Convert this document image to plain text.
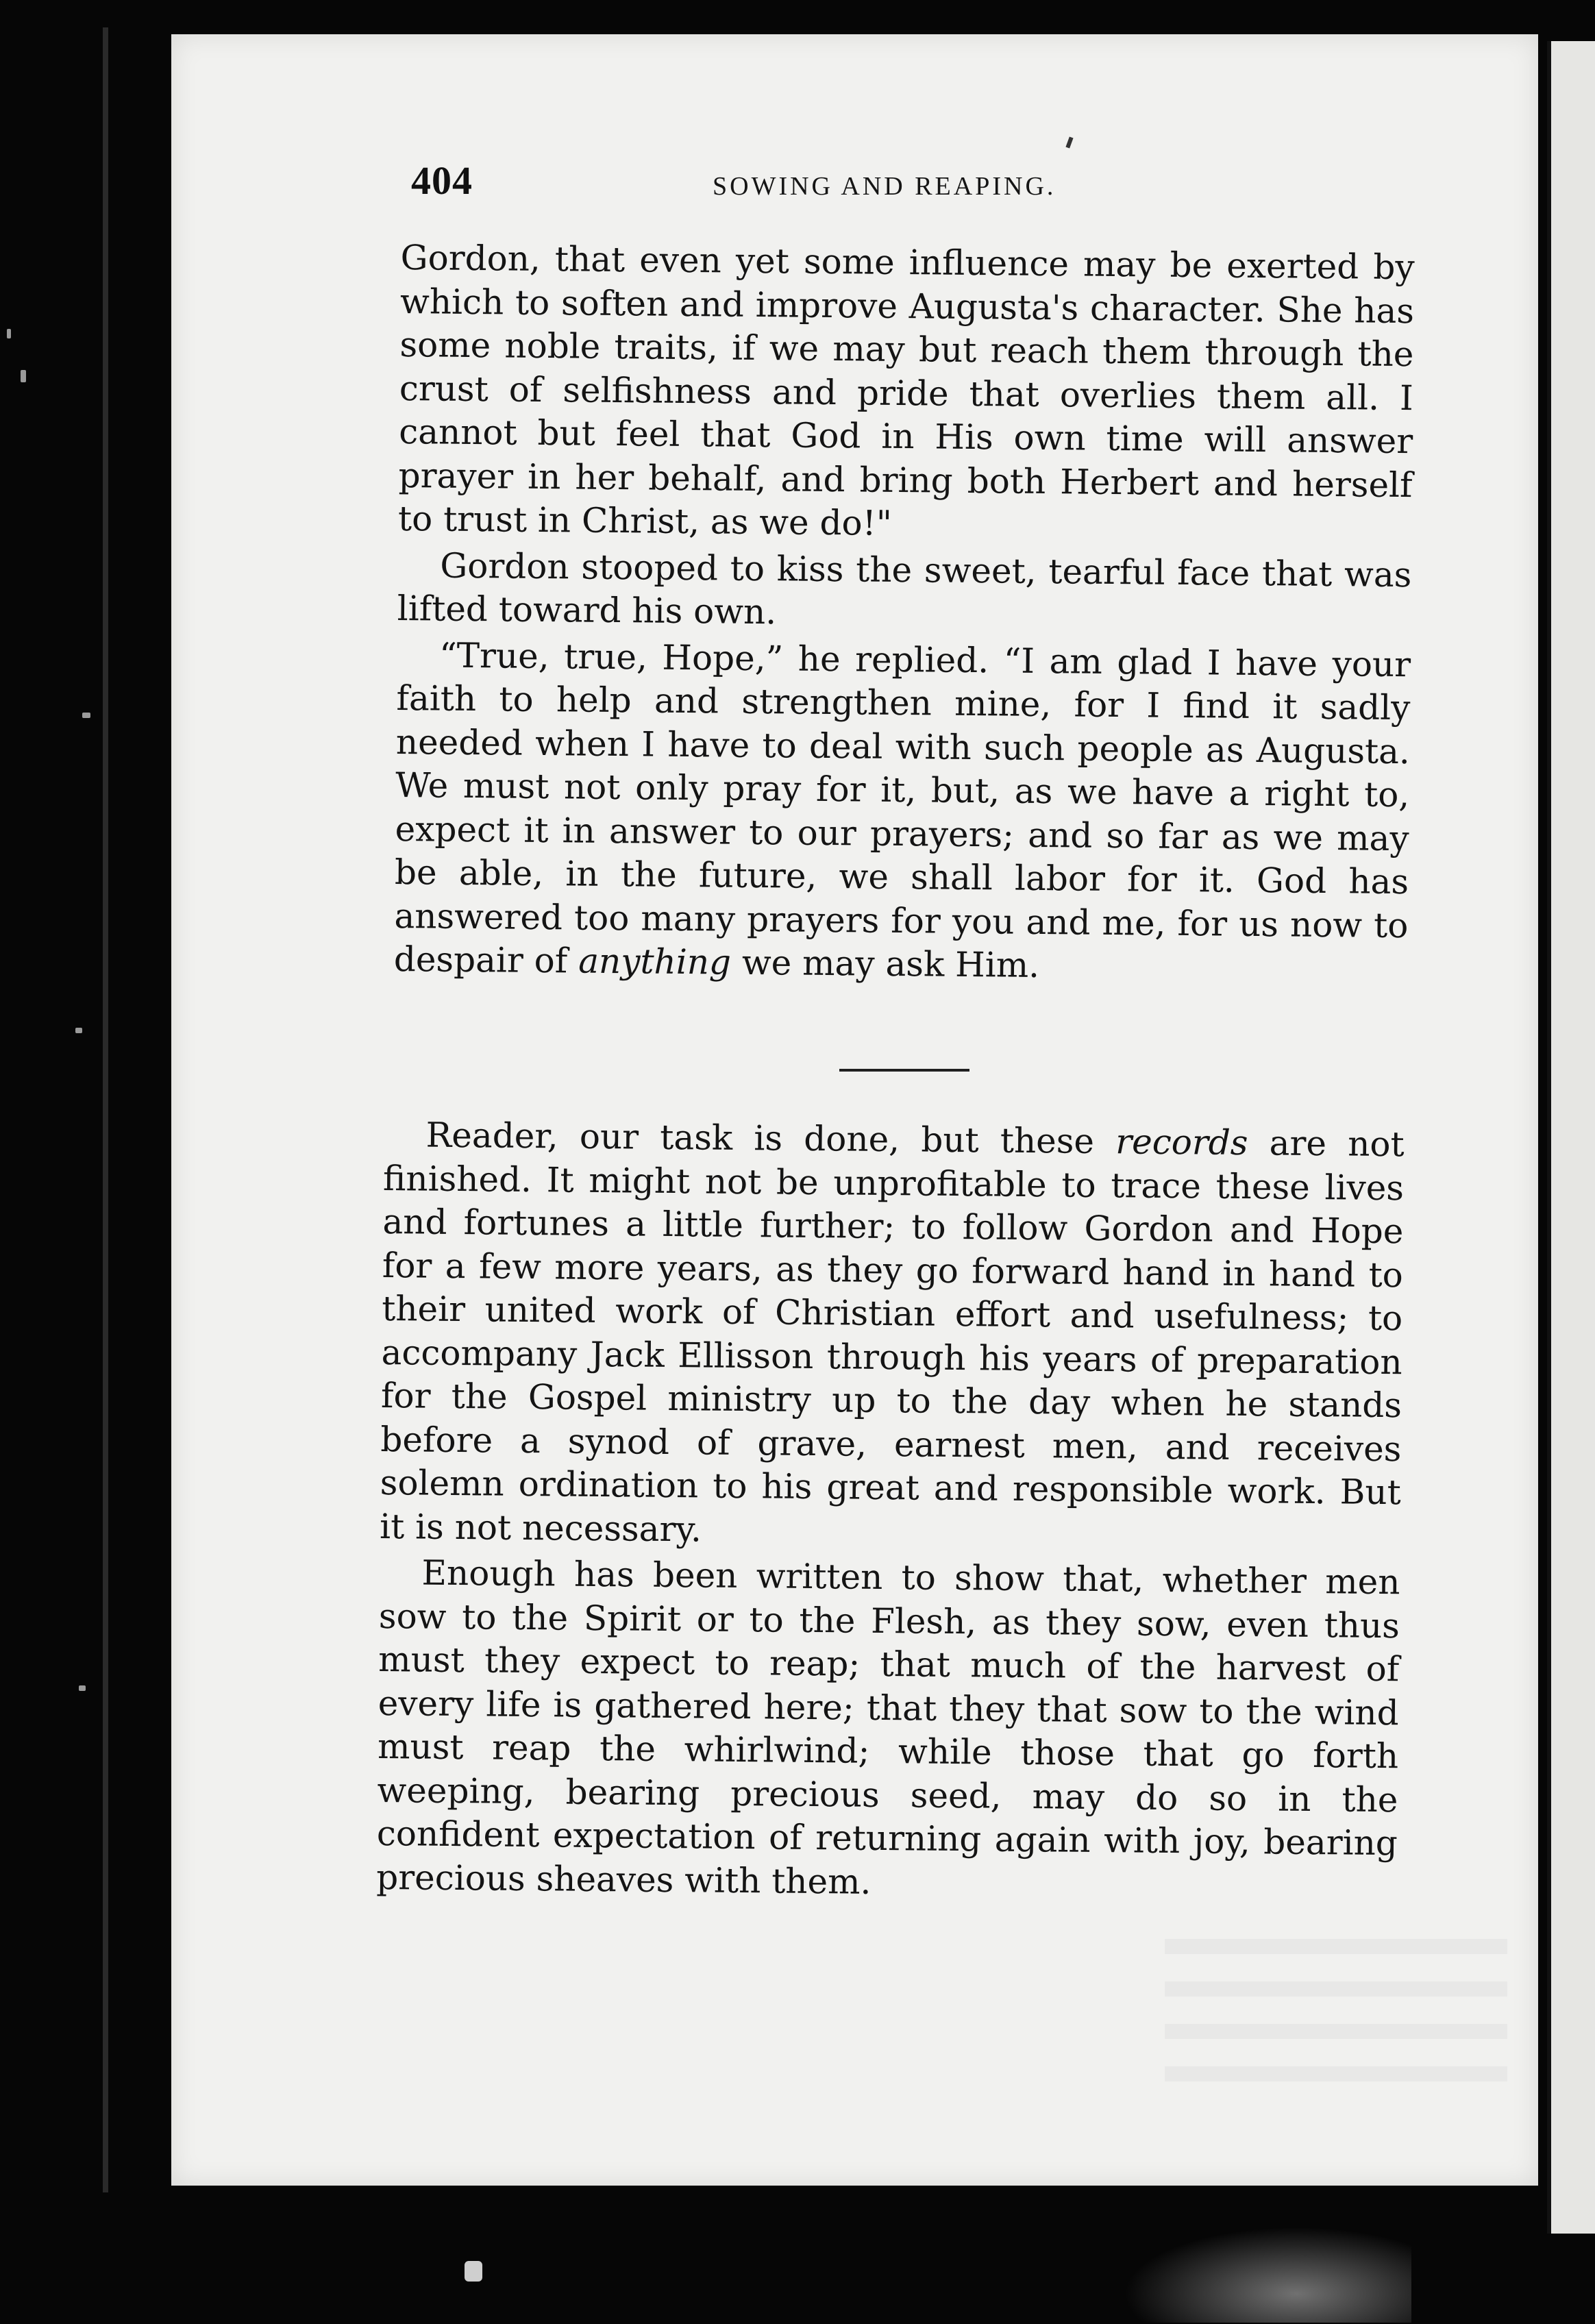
404	SOWING AND REAPING.

Gordon, that even yet some influence may be exerted by which to soften and improve Augusta's character. She has some noble traits, if we may but reach them through the crust of selfishness and pride that overlies them all. I cannot but feel that God in His own time will answer prayer in her behalf, and bring both Herbert and herself to trust in Christ, as we do!"

Gordon stooped to kiss the sweet, tearful face that was lifted toward his own.

“True, true, Hope,” he replied. “I am glad I have your faith to help and strengthen mine, for I find it sadly needed when I have to deal with such people as Augusta. We must not only pray for it, but, as we have a right to, expect it in answer to our prayers; and so far as we may be able, in the future, we shall labor for it. God has answered too many prayers for you and me, for us now to despair of anything we may ask Him.

Reader, our task is done, but these records are not finished. It might not be unprofitable to trace these lives and fortunes a little further; to follow Gordon and Hope for a few more years, as they go forward hand in hand to their united work of Christian effort and usefulness; to accompany Jack Ellisson through his years of preparation for the Gospel ministry up to the day when he stands before a synod of grave, earnest men, and receives solemn ordination to his great and responsible work. But it is not necessary.

Enough has been written to show that, whether men sow to the Spirit or to the Flesh, as they sow, even thus must they expect to reap; that much of the harvest of every life is gathered here; that they that sow to the wind must reap the whirlwind; while those that go forth weeping, bearing precious seed, may do so in the confident expectation of returning again with joy, bearing precious sheaves with them.
